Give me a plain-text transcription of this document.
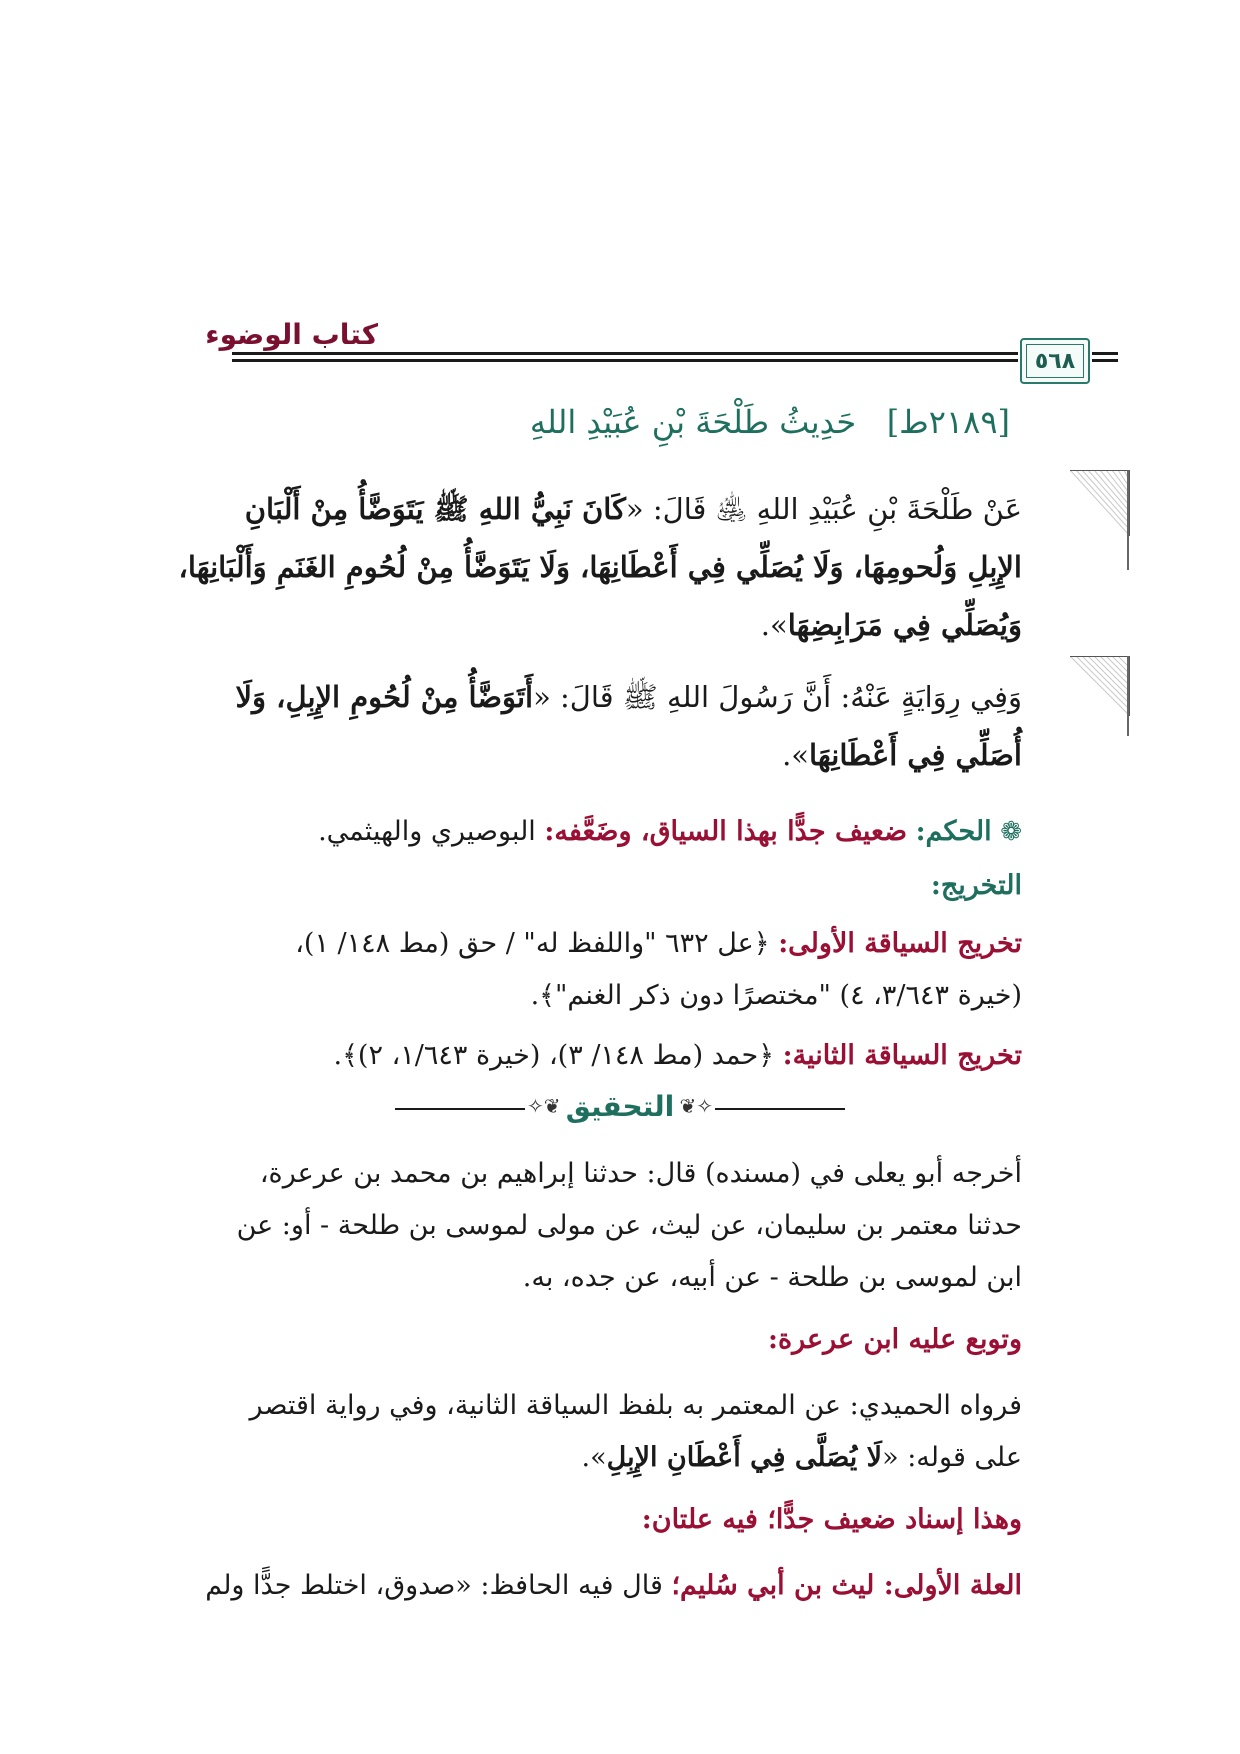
كتاب الوضوء
٥٦٨
[٢١٨٩ط]   حَدِيثُ طَلْحَةَ بْنِ عُبَيْدِ اللهِ
عَنْ طَلْحَةَ بْنِ عُبَيْدِ اللهِ ﵁ قَالَ: «كَانَ نَبِيُّ اللهِ ﷺ يَتَوَضَّأُ مِنْ أَلْبَانِ
الإِبِلِ وَلُحومِهَا، وَلَا يُصَلِّي فِي أَعْطَانِهَا، وَلَا يَتَوَضَّأُ مِنْ لُحُومِ الغَنَمِ وَأَلْبَانِهَا،
وَيُصَلِّي فِي مَرَابِضِهَا».
وَفِي رِوَايَةٍ عَنْهُ: أَنَّ رَسُولَ اللهِ ﷺ قَالَ: «أَتَوَضَّأُ مِنْ لُحُومِ الإِبِلِ، وَلَا
أُصَلِّي فِي أَعْطَانِهَا».
❁ الحكم: ضعيف جدًّا بهذا السياق، وضَعَّفه: البوصيري والهيثمي.
التخريج:
تخريج السياقة الأولى: ﴿عل ٦٣٢ "واللفظ له" / حق (مط ١٤٨/ ١)،
(خيرة ٣/٦٤٣، ٤) "مختصرًا دون ذكر الغنم"﴾.
تخريج السياقة الثانية: ﴿حمد (مط ١٤٨/ ٣)، (خيرة ١/٦٤٣، ٢)﴾.
✧❦	❦✧
التحقيق
أخرجه أبو يعلى في (مسنده) قال: حدثنا إبراهيم بن محمد بن عرعرة،
حدثنا معتمر بن سليمان، عن ليث، عن مولى لموسى بن طلحة - أو: عن
ابن لموسى بن طلحة - عن أبيه، عن جده، به.
وتوبع عليه ابن عرعرة:
فرواه الحميدي: عن المعتمر به بلفظ السياقة الثانية، وفي رواية اقتصر
على قوله: «لَا يُصَلَّى فِي أَعْطَانِ الإِبِلِ».
وهذا إسناد ضعيف جدًّا؛ فيه علتان:
العلة الأولى: ليث بن أبي سُليم؛ قال فيه الحافظ: «صدوق، اختلط جدًّا ولم
